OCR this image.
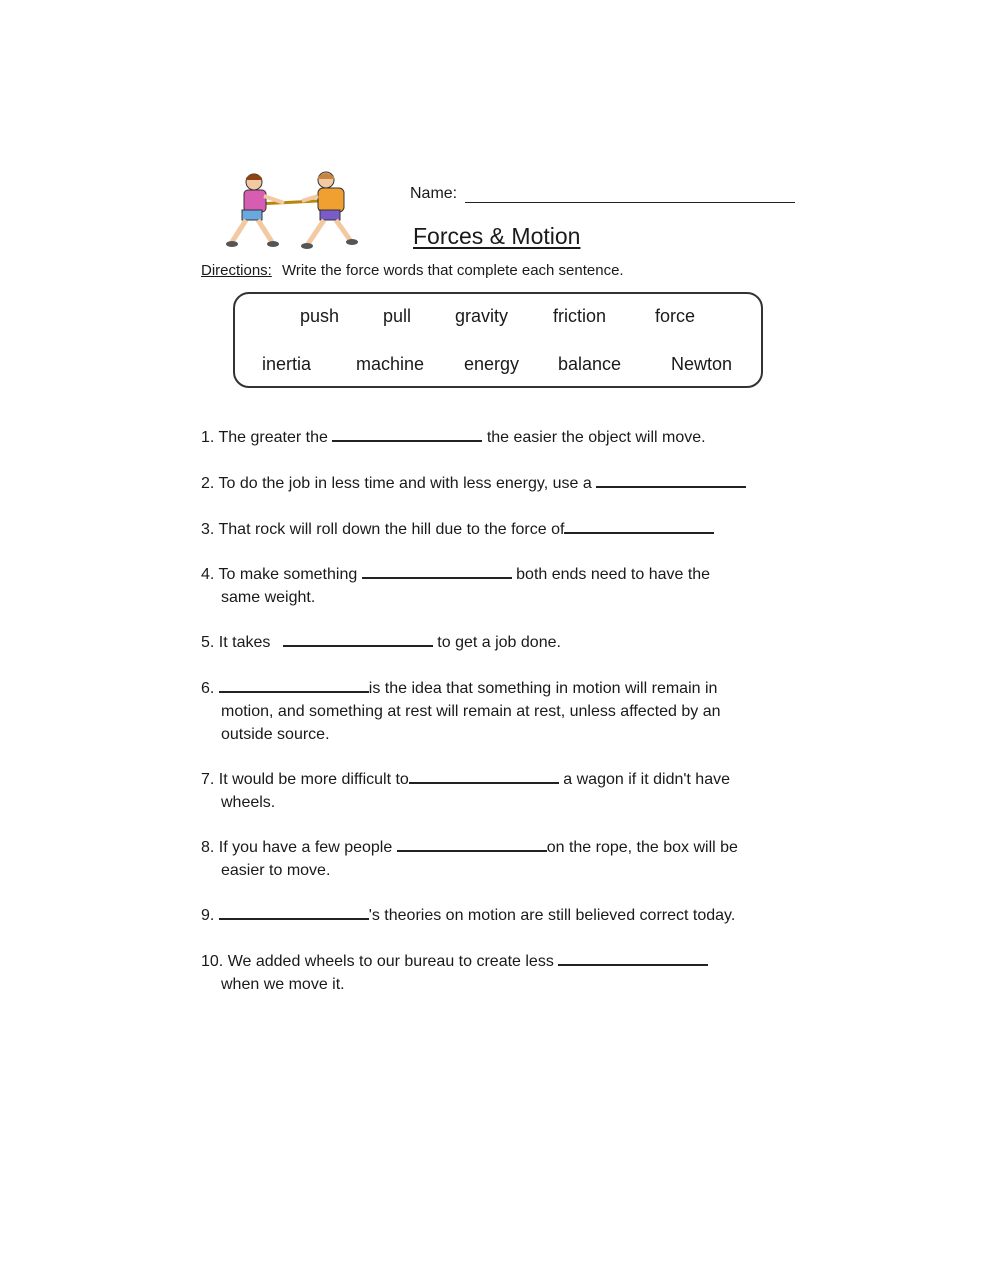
Name:
Forces & Motion
Directions: Write the force words that complete each sentence.
push pull gravity friction	force
inertia machine energy balance	Newton
1. The greater the	the easier the object will move.
2. To do the job in less time and with less energy, use a
3. That rock will roll down the hill due to the force of
4. To make something	both ends need to have the
same weight.
5. It takes	to get a job done.
6.	is the idea that something in motion will remain in
motion, and something at rest will remain at rest, unless affected by an
outside source.
7. It would be more difficult to	a wagon if it didn't have
wheels.
8. If you have a few people	on the rope, the box will be
easier to move.
9.	's theories on motion are still believed correct today.
10. We added wheels to our bureau to create less
when we move it.
